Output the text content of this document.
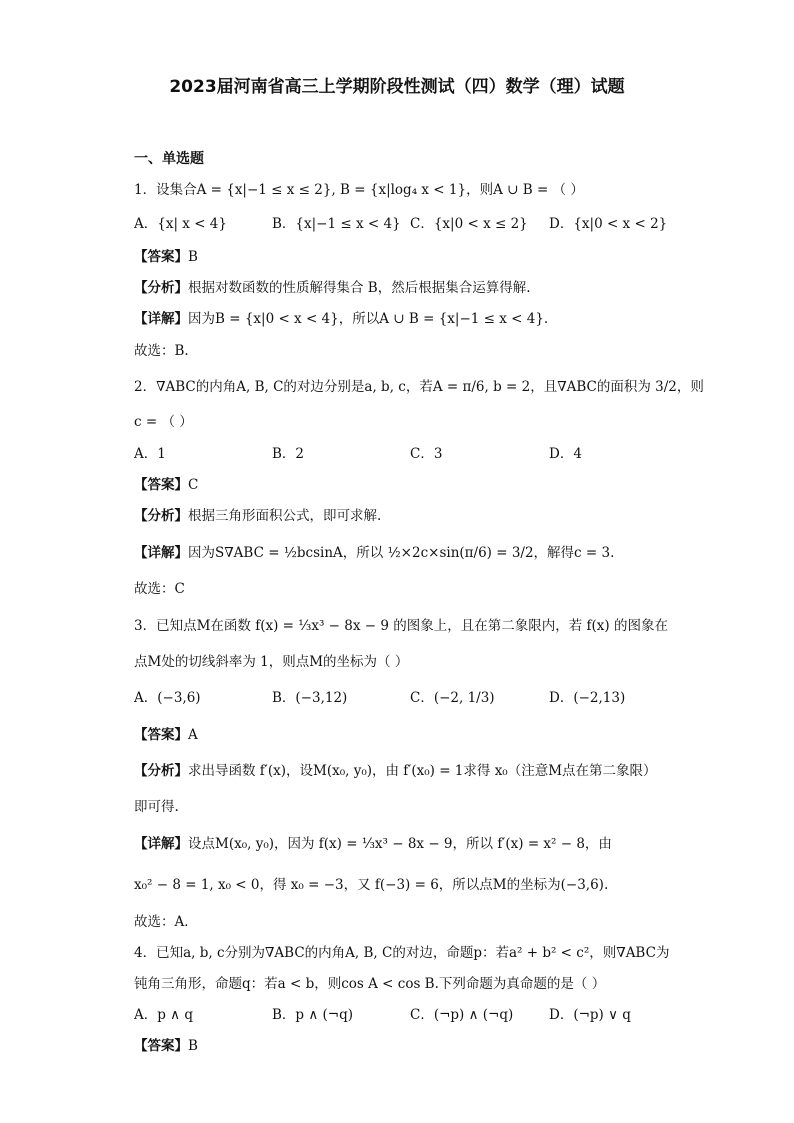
2023届河南省高三上学期阶段性测试（四）数学（理）试题
一、单选题
1．设集合A = {x|−1 ≤ x ≤ 2}, B = {x|log₄ x < 1}，则A ∪ B = （ ）
A．{x| x < 4}	B．{x|−1 ≤ x < 4} C．{x|0 < x ≤ 2} D．{x|0 < x < 2}
【答案】B
【分析】根据对数函数的性质解得集合 B，然后根据集合运算得解.
【详解】因为B = {x|0 < x < 4}，所以A ∪ B = {x|−1 ≤ x < 4}.
故选：B.
2．∇ABC的内角A, B, C的对边分别是a, b, c，若A = π/6, b = 2，且∇ABC的面积为 3/2，则
c = （ ）
A．1	B．2	C．3	D．4
【答案】C
【分析】根据三角形面积公式，即可求解.
【详解】因为S∇ABC = ½bcsinA，所以 ½×2c×sin(π/6) = 3/2，解得c = 3.
故选：C
3．已知点M在函数 f(x) = ⅓x³ − 8x − 9 的图象上，且在第二象限内，若 f(x) 的图象在
点M处的切线斜率为 1，则点M的坐标为（ ）
A．(−3,6)	B．(−3,12)	C．(−2, 1/3)	D．(−2,13)
【答案】A
【分析】求出导函数 f′(x)，设M(x₀, y₀)，由 f′(x₀) = 1求得 x₀（注意M点在第二象限）
即可得.
【详解】设点M(x₀, y₀)，因为 f(x) = ⅓x³ − 8x − 9，所以 f′(x) = x² − 8，由
x₀² − 8 = 1, x₀ < 0，得 x₀ = −3，又 f(−3) = 6，所以点M的坐标为(−3,6).
故选：A．
4．已知a, b, c分别为∇ABC的内角A, B, C的对边，命题p：若a² + b² < c²，则∇ABC为
钝角三角形，命题q：若a < b，则cos A < cos B.下列命题为真命题的是（ ）
A．p ∧ q	B．p ∧ (¬q)	C．(¬p) ∧ (¬q)	D．(¬p) ∨ q
【答案】B
